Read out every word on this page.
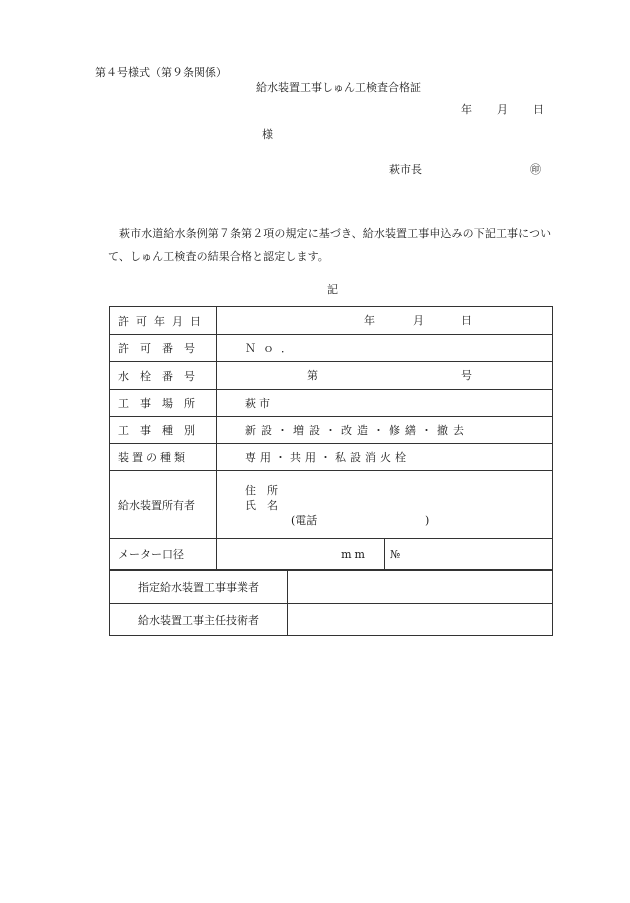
第４号様式（第９条関係）
給水装置工事しゅん工検査合格証
年 月 日
様
萩市長	㊞
萩市水道給水条例第７条第２項の規定に基づき、給水装置工事申込みの下記工事について、しゅん工検査の結果合格と認定します。
記
許可年月日	年 月 日	

許　可　番　号	Ｎｏ．	
水　栓　番　号	第 号	

工　事　場　所	萩市	
工　事　種　別	新設・増設・改造・修繕・撤去	
装置の種類	専用・共用・私設消火栓	
給水装置所有者	住　所
氏　名
(電話 )	

メーター口径	mm	№
指定給水装置工事事業者	
給水装置工事主任技術者	
